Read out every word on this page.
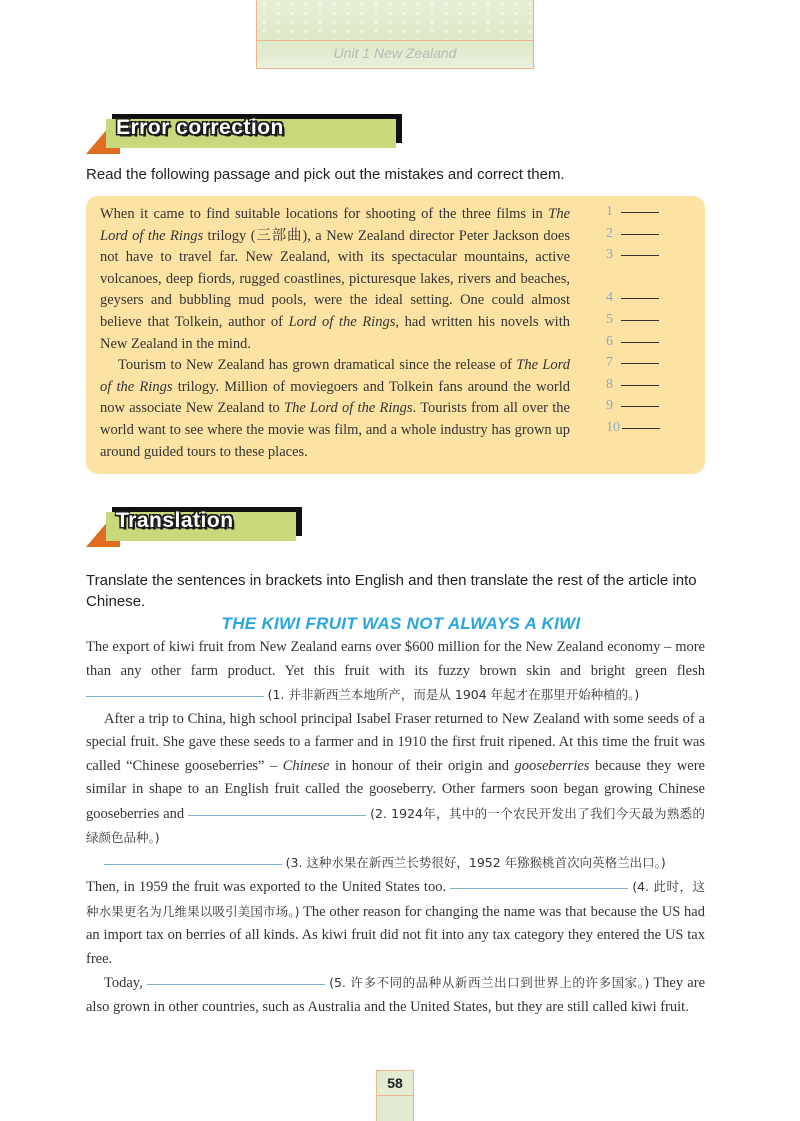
Unit 1 New Zealand
Error correction
Read the following passage and pick out the mistakes and correct them.

When it came to find suitable locations for shooting of the three films in The Lord of the Rings trilogy (三部曲), a New Zealand director Peter Jackson does not have to travel far. New Zealand, with its spectacular mountains, active volcanoes, deep fiords, rugged coastlines, picturesque lakes, rivers and beaches, geysers and bubbling mud pools, were the ideal setting. One could almost believe that Tolkein, author of Lord of the Rings, had written his novels with New Zealand in the mind.

Tourism to New Zealand has grown dramatical since the release of The Lord of the Rings trilogy. Million of moviegoers and Tolkein fans around the world now associate New Zealand to The Lord of the Rings. Tourists from all over the world want to see where the movie was film, and a whole industry has grown up around guided tours to these places.

1
2
3
4
5
6
7
8
9
10
Translation
Translate the sentences in brackets into English and then translate the rest of the article into Chinese.
THE KIWI FRUIT WAS NOT ALWAYS A KIWI

The export of kiwi fruit from New Zealand earns over $600 million for the New Zealand economy – more than any other farm product. Yet this fruit with its fuzzy brown skin and bright green flesh  (1. 并非新西兰本地所产，而是从 1904 年起才在那里开始种植的。)

After a trip to China, high school principal Isabel Fraser returned to New Zealand with some seeds of a special fruit. She gave these seeds to a farmer and in 1910 the first fruit ripened. At this time the fruit was called “Chinese gooseberries” – Chinese in honour of their origin and gooseberries because they were similar in shape to an English fruit called the gooseberry. Other farmers soon began growing Chinese gooseberries and	(2. 1924年，其中的一个农民开发出了我们今天最为熟悉的绿颜色品种。)

(3. 这种水果在新西兰长势很好，1952 年猕猴桃首次向英格兰出口。)

Then, in 1959 the fruit was exported to the United States too.	(4. 此时，这种水果更名为几维果以吸引美国市场。) The other reason for changing the name was that because the US had an import tax on berries of all kinds. As kiwi fruit did not fit into any tax category they entered the US tax free.

Today,	(5. 许多不同的品种从新西兰出口到世界上的许多国家。) They are also grown in other countries, such as Australia and the United States, but they are still called kiwi fruit.

58
